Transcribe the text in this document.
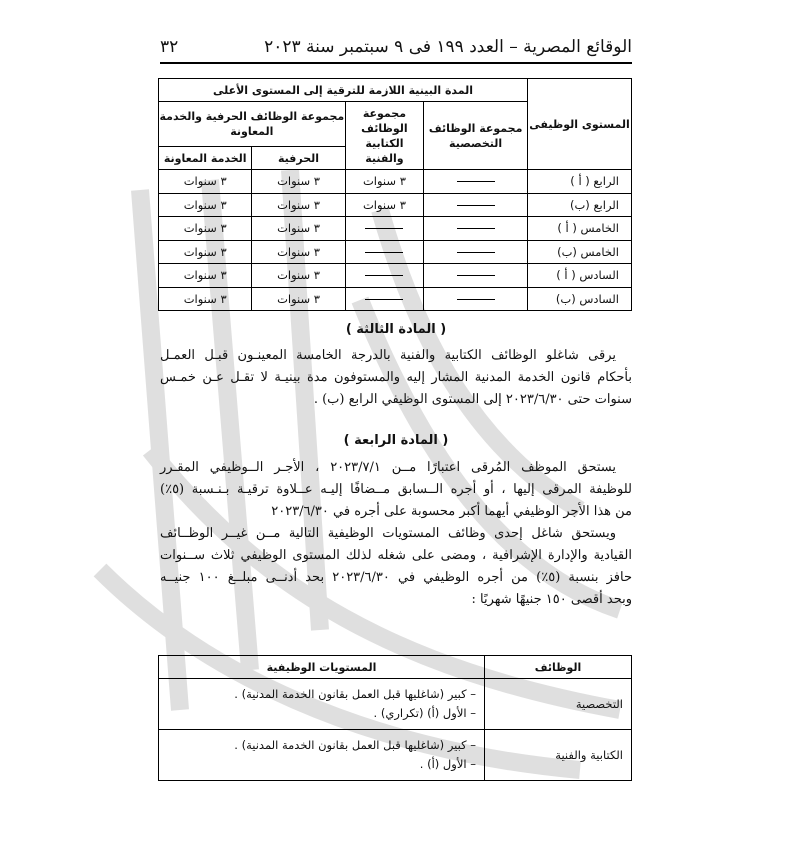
الوقائع المصرية – العدد ١٩٩ فى ٩ سبتمبر سنة ٢٠٢٣
٣٢
المستوى الوظيفى	المدة البينية اللازمة للترقية إلى المستوى الأعلى			
	مجموعة الوظائف التخصصية	مجموعة الوظائف الكتابية والفنية	مجموعة الوظائف الحرفية والخدمة المعاونة	
			الحرفية	الخدمة المعاونة
الرابع ( أ )		٣ سنوات	٣ سنوات	٣ سنوات
الرابع (ب)		٣ سنوات	٣ سنوات	٣ سنوات
الخامس ( أ )			٣ سنوات	٣ سنوات
الخامس (ب)			٣ سنوات	٣ سنوات
السادس ( أ )			٣ سنوات	٣ سنوات
السادس (ب)			٣ سنوات	٣ سنوات
( المادة الثالثة )
يرقى شاغلو الوظائف الكتابية والفنية بالدرجة الخامسة المعينـون قبـل العمـل
بأحكام قانون الخدمة المدنية المشار إليه والمستوفون مدة بينيـة لا تقـل عـن خمـس
سنوات حتى ٢٠٢٣/٦/٣٠ إلى المستوى الوظيفي الرابع (ب) .
( المادة الرابعة )
يستحق الموظف المُرقى اعتبارًا مــن ٢٠٢٣/٧/١ ، الأجـر الــوظيفي المقـرر
للوظيفة المرقى إليها ، أو أجره الــسابق مــضافًا إليـه عــلاوة ترقيـة بـنـسبة (٥٪)
من هذا الأجر الوظيفي أيهما أكبر محسوبة على أجره في ٢٠٢٣/٦/٣٠
ويستحق شاغل إحدى وظائف المستويات الوظيفية التالية مــن غيــر الوظــائف
القيادية والإدارة الإشرافية ، ومضى على شغله لذلك المستوى الوظيفي ثلاث ســنوات
حافز بنسبة (٥٪) من أجره الوظيفي في ٢٠٢٣/٦/٣٠ بحد أدنــى مبلــغ ١٠٠ جنيــه
وبحد أقصى ١٥٠ جنيهًا شهريًا :
الوظائف	المستويات الوظيفية
التخصصية	– كبير (شاغليها قبل العمل بقانون الخدمة المدنية) .
– الأول (أ) (تكراري) .

الكتابية والفنية	– كبير (شاغليها قبل العمل بقانون الخدمة المدنية) .
– الأول (أ) .
